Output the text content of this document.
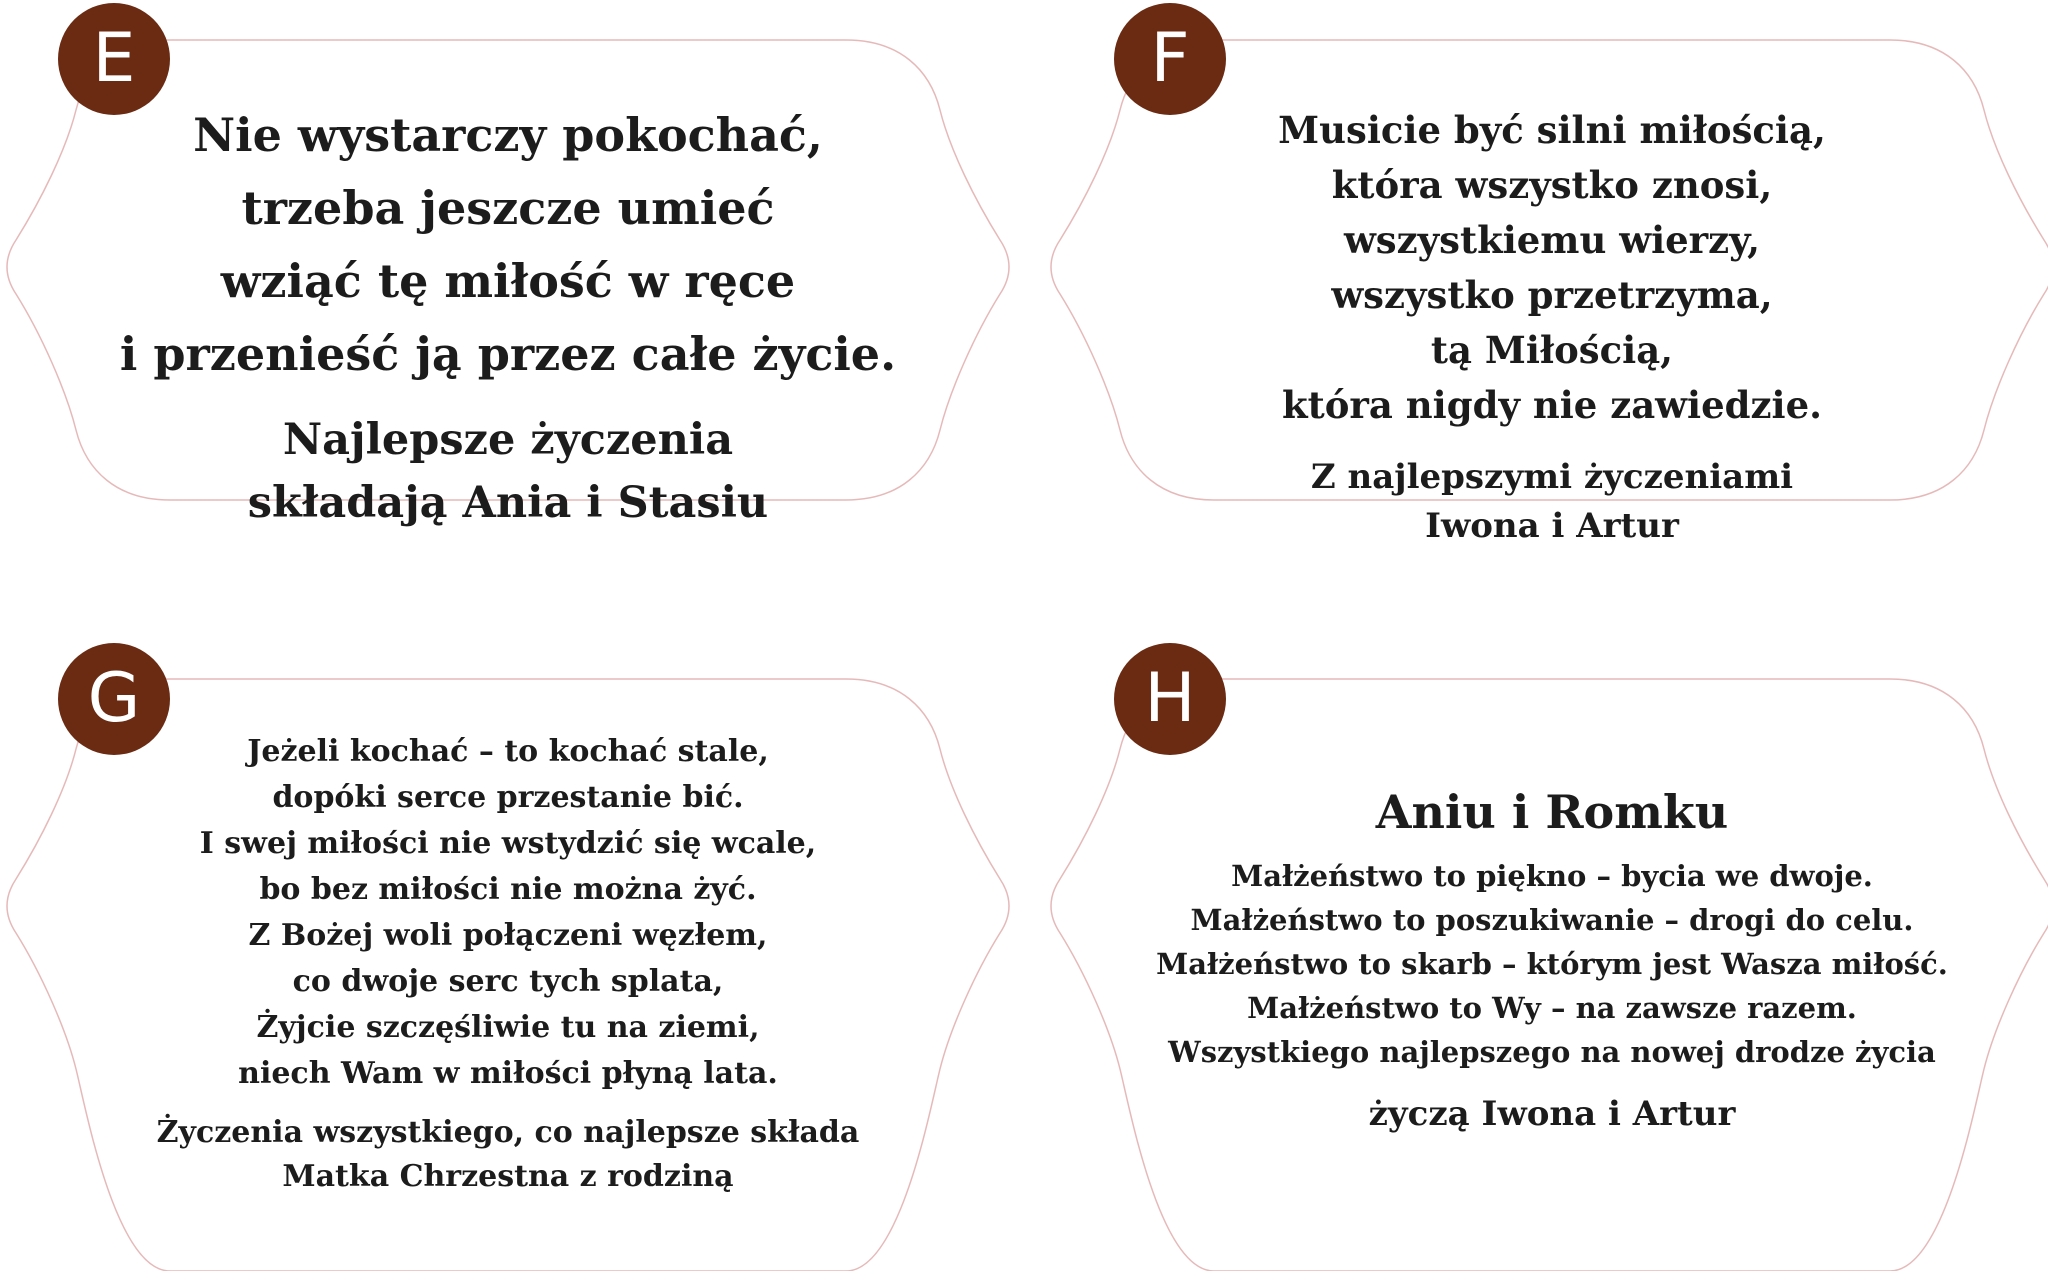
E
Nie wystarczy pokochać,
trzeba jeszcze umieć
wziąć tę miłość w ręce
i przenieść ją przez całe życie.
Najlepsze życzenia
składają Ania i Stasiu
F
Musicie być silni miłością,
która wszystko znosi,
wszystkiemu wierzy,
wszystko przetrzyma,
tą Miłością,
która nigdy nie zawiedzie.
Z najlepszymi życzeniami
Iwona i Artur
G
Jeżeli kochać – to kochać stale,
dopóki serce przestanie bić.
I swej miłości nie wstydzić się wcale,
bo bez miłości nie można żyć.
Z Bożej woli połączeni węzłem,
co dwoje serc tych splata,
Żyjcie szczęśliwie tu na ziemi,
niech Wam w miłości płyną lata.
Życzenia wszystkiego, co najlepsze składa
Matka Chrzestna z rodziną
H
Aniu i Romku
Małżeństwo to piękno – bycia we dwoje.
Małżeństwo to poszukiwanie – drogi do celu.
Małżeństwo to skarb – którym jest Wasza miłość.
Małżeństwo to Wy – na zawsze razem.
Wszystkiego najlepszego na nowej drodze życia
życzą Iwona i Artur
